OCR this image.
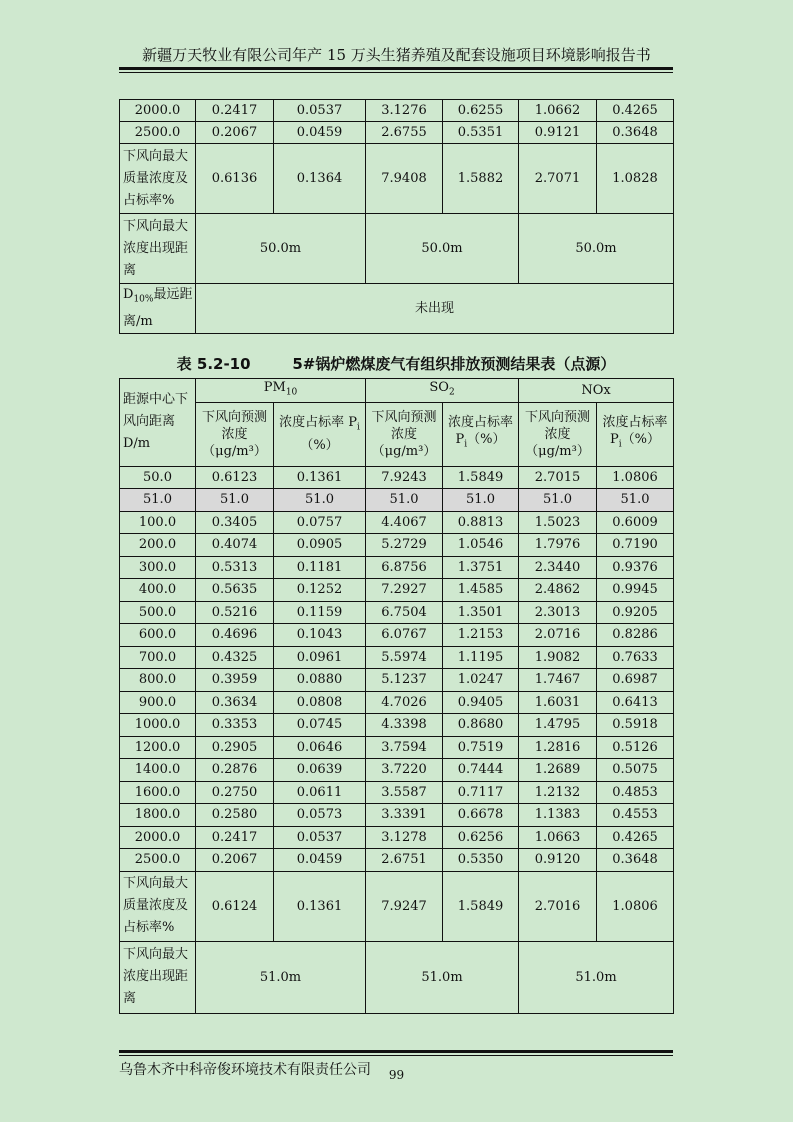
新疆万天牧业有限公司年产 15 万头生猪养殖及配套设施项目环境影响报告书
2000.0	0.2417	0.0537	3.1276	0.6255	1.0662	0.4265
2500.0	0.2067	0.0459	2.6755	0.5351	0.9121	0.3648
下风向最大质量浓度及占标率%	0.6136	0.1364	7.9408	1.5882	2.7071	1.0828
下风向最大浓度出现距离	50.0m		50.0m		50.0m	
$D_{10\%}$最远距离/m	未出现					
表 5.2-10        5#锅炉燃煤废气有组织排放预测结果表（点源）
距源中心下风向距离D/m	$PM_{10}$		$SO_2$		NOx	
	下风向预测浓度（μg/m³）	浓度占标率 $P_i(\%)$	下风向预测浓度（μg/m³）	浓度占标率 $P_i(\%)$	下风向预测浓度（μg/m³）	浓度占标率 $P_i(\%)$
50.0	0.6123	0.1361	7.9243	1.5849	2.7015	1.0806
51.0	51.0	51.0	51.0	51.0	51.0	51.0
100.0	0.3405	0.0757	4.4067	0.8813	1.5023	0.6009
200.0	0.4074	0.0905	5.2729	1.0546	1.7976	0.7190
300.0	0.5313	0.1181	6.8756	1.3751	2.3440	0.9376
400.0	0.5635	0.1252	7.2927	1.4585	2.4862	0.9945
500.0	0.5216	0.1159	6.7504	1.3501	2.3013	0.9205
600.0	0.4696	0.1043	6.0767	1.2153	2.0716	0.8286
700.0	0.4325	0.0961	5.5974	1.1195	1.9082	0.7633
800.0	0.3959	0.0880	5.1237	1.0247	1.7467	0.6987
900.0	0.3634	0.0808	4.7026	0.9405	1.6031	0.6413
1000.0	0.3353	0.0745	4.3398	0.8680	1.4795	0.5918
1200.0	0.2905	0.0646	3.7594	0.7519	1.2816	0.5126
1400.0	0.2876	0.0639	3.7220	0.7444	1.2689	0.5075
1600.0	0.2750	0.0611	3.5587	0.7117	1.2132	0.4853
1800.0	0.2580	0.0573	3.3391	0.6678	1.1383	0.4553
2000.0	0.2417	0.0537	3.1278	0.6256	1.0663	0.4265
2500.0	0.2067	0.0459	2.6751	0.5350	0.9120	0.3648
下风向最大质量浓度及占标率%	0.6124	0.1361	7.9247	1.5849	2.7016	1.0806
下风向最大浓度出现距离	51.0m		51.0m		51.0m	
乌鲁木齐中科帝俊环境技术有限责任公司	99
